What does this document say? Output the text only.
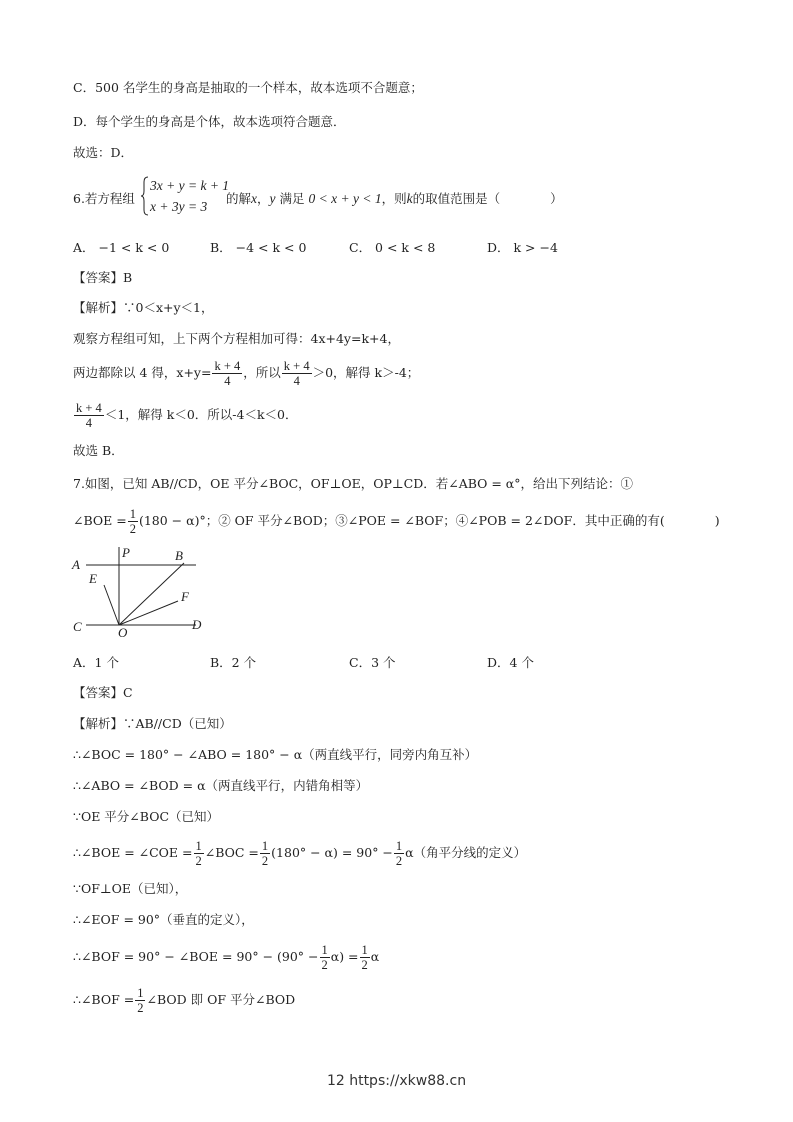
C．500 名学生的身高是抽取的一个样本，故本选项不合题意；
D．每个学生的身高是个体，故本选项符合题意．
故选：D．
6.若方程组
3x + y = k + 1
x + 3y = 3
的解x，y 满足 0 < x + y < 1，则k的取值范围是（　　　　）
A． −1 < k < 0	B． −4 < k < 0	C． 0 < k < 8	D． k > −4
【答案】B
【解析】∵0＜x+y＜1，
观察方程组可知，上下两个方程相加可得：4x+4y=k+4，
两边都除以 4 得，$x+y= \frac{k + 4}{4}$ ，所以 $\frac{k + 4}{4} >0$，解得 k＞-4；
$\frac{k + 4}{4} <1$，解得 k＜0．所以-4＜k＜0．
故选 B．
7.如图，已知 AB//CD，OE 平分∠BOC，OF⊥OE，OP⊥CD．若∠ABO = α°，给出下列结论：①
∠BOE = $\frac{1}{2} (180 - \alpha)^\circ$；② OF 平分∠BOD；③∠POE = ∠BOF；④∠POB = 2∠DOF．其中正确的有(　　　　)
A
P	B
E
F
C	O
D
A．1 个	B．2 个	C．3 个	D．4 个
【答案】C
【解析】∵AB//CD（已知）
∴∠BOC = 180° − ∠ABO = 180° − α（两直线平行，同旁内角互补）
∴∠ABO = ∠BOD = α（两直线平行，内错角相等）
∵OE 平分∠BOC（已知）
∴∠BOE = ∠COE = $\frac{1}{2}$ ∠BOC = $\frac{1}{2} (180^\circ - \alpha) = 90^\circ - \frac{1}{2} \alpha$（角平分线的定义）
∵OF⊥OE（已知），
∴∠EOF = 90°（垂直的定义），
∴∠BOF = 90° − ∠BOE = $90^\circ - (90^\circ - \frac{1}{2} \alpha) = \frac{1}{2}$ α
∴∠BOF = $\frac{1}{2}$ ∠BOD 即 OF 平分∠BOD
12 https://xkw88.cn
